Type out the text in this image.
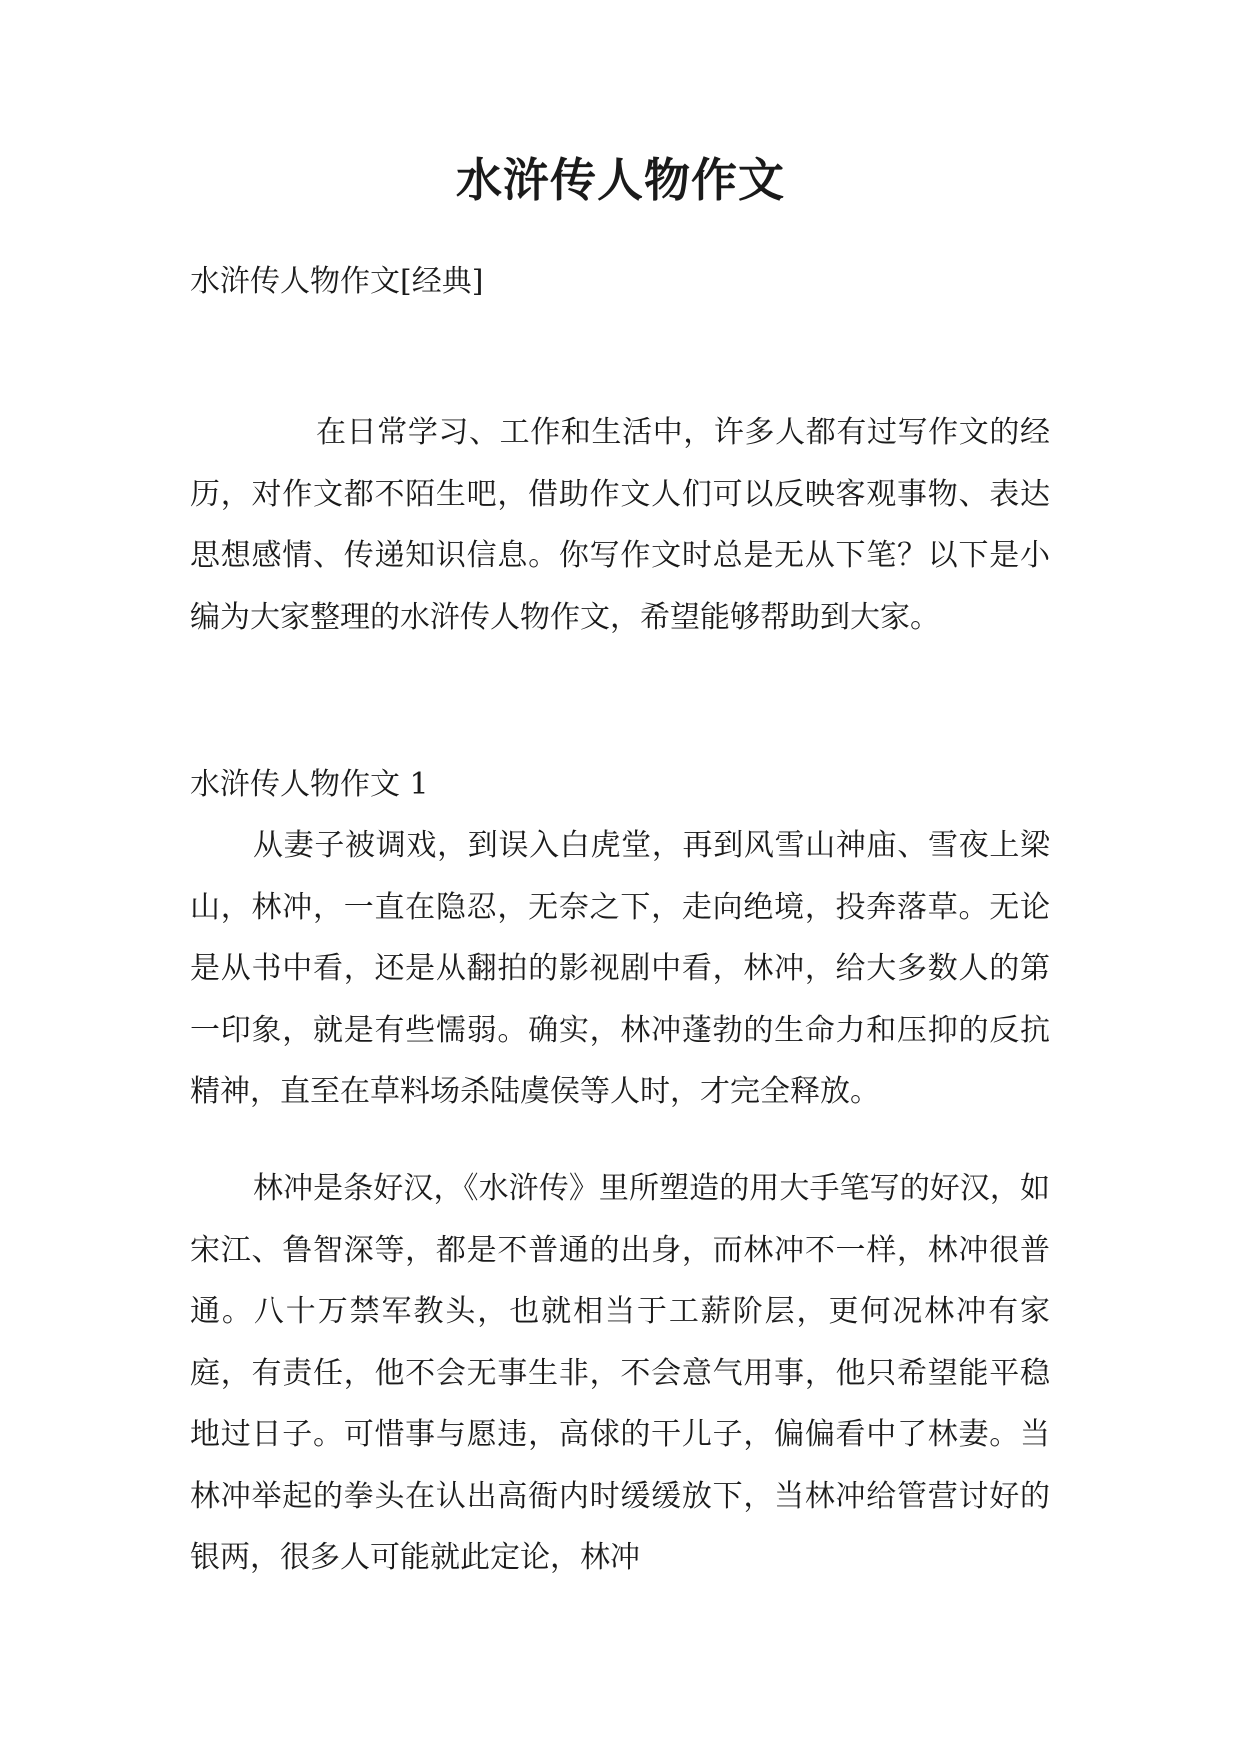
水浒传人物作文
水浒传人物作文[经典]
在日常学习、工作和生活中，许多人都有过写作文的经历，对作文都不陌生吧，借助作文人们可以反映客观事物、表达思想感情、传递知识信息。你写作文时总是无从下笔？以下是小编为大家整理的水浒传人物作文，希望能够帮助到大家。
水浒传人物作文 1
从妻子被调戏，到误入白虎堂，再到风雪山神庙、雪夜上梁山，林冲，一直在隐忍，无奈之下，走向绝境，投奔落草。无论是从书中看，还是从翻拍的影视剧中看，林冲，给大多数人的第一印象，就是有些懦弱。确实，林冲蓬勃的生命力和压抑的反抗精神，直至在草料场杀陆虞侯等人时，才完全释放。
林冲是条好汉，《水浒传》里所塑造的用大手笔写的好汉，如宋江、鲁智深等，都是不普通的出身，而林冲不一样，林冲很普通。八十万禁军教头，也就相当于工薪阶层，更何况林冲有家庭，有责任，他不会无事生非，不会意气用事，他只希望能平稳地过日子。可惜事与愿违，高俅的干儿子，偏偏看中了林妻。当林冲举起的拳头在认出高衙内时缓缓放下，当林冲给管营讨好的银两，很多人可能就此定论，林冲
